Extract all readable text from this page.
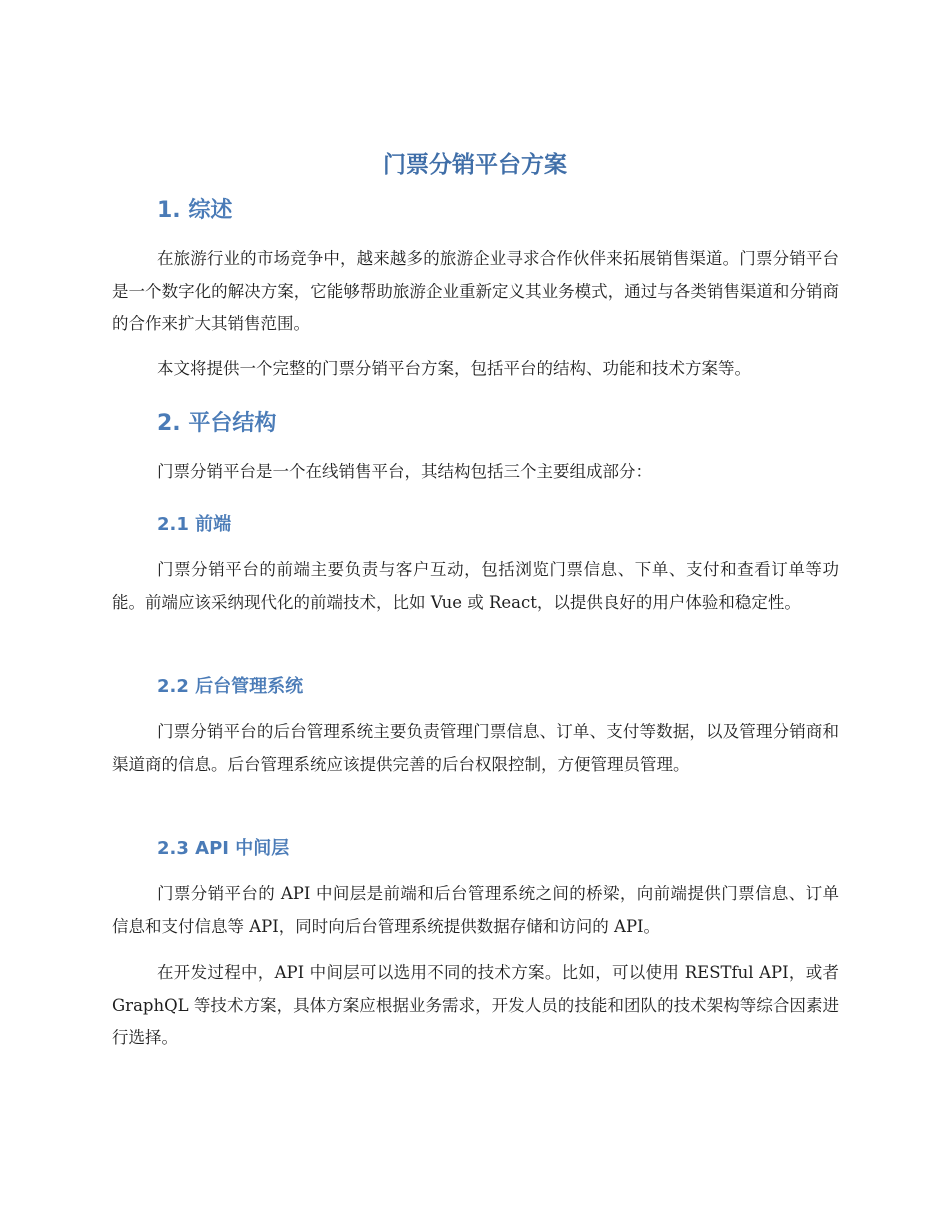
门票分销平台方案
1. 综述

在旅游行业的市场竞争中，越来越多的旅游企业寻求合作伙伴来拓展销售渠道。门票分销平台是一个数字化的解决方案，它能够帮助旅游企业重新定义其业务模式，通过与各类销售渠道和分销商的合作来扩大其销售范围。

本文将提供一个完整的门票分销平台方案，包括平台的结构、功能和技术方案等。

2. 平台结构

门票分销平台是一个在线销售平台，其结构包括三个主要组成部分：

2.1 前端

门票分销平台的前端主要负责与客户互动，包括浏览门票信息、下单、支付和查看订单等功能。前端应该采纳现代化的前端技术，比如 Vue 或 React，以提供良好的用户体验和稳定性。

2.2 后台管理系统

门票分销平台的后台管理系统主要负责管理门票信息、订单、支付等数据，以及管理分销商和渠道商的信息。后台管理系统应该提供完善的后台权限控制，方便管理员管理。

2.3 API 中间层

门票分销平台的 API 中间层是前端和后台管理系统之间的桥梁，向前端提供门票信息、订单信息和支付信息等 API，同时向后台管理系统提供数据存储和访问的 API。

在开发过程中，API 中间层可以选用不同的技术方案。比如，可以使用 RESTful API，或者 GraphQL 等技术方案，具体方案应根据业务需求，开发人员的技能和团队的技术架构等综合因素进行选择。
